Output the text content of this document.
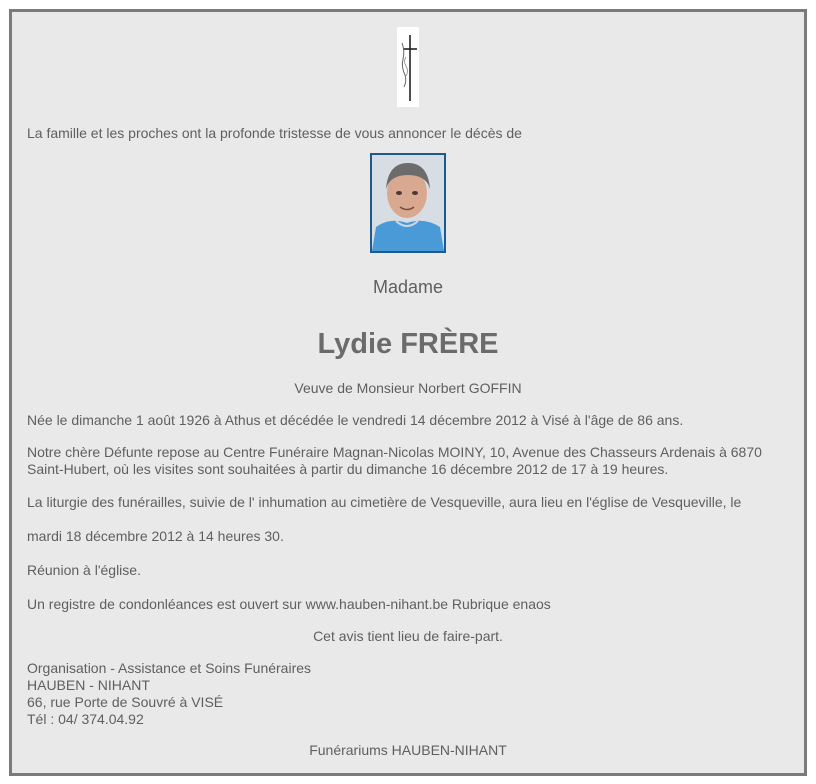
La famille et les proches ont la profonde tristesse de vous annoncer le décès de
Madame
Lydie FRÈRE
Veuve de Monsieur Norbert GOFFIN
Née le dimanche 1 août 1926 à Athus et décédée le vendredi 14 décembre 2012 à Visé à l'âge de 86 ans.
Notre chère Défunte repose au Centre Funéraire Magnan-Nicolas MOINY, 10, Avenue des Chasseurs Ardenais à 6870
Saint-Hubert, où les visites sont souhaitées à partir du dimanche 16 décembre 2012 de 17 à 19 heures.
La liturgie des funérailles, suivie de l' inhumation au cimetière de Vesqueville, aura lieu en l'église de Vesqueville, le
mardi 18 décembre 2012 à 14 heures 30.
Réunion à l'église.
Un registre de condonléances est ouvert sur www.hauben-nihant.be Rubrique enaos
Cet avis tient lieu de faire-part.
Organisation - Assistance et Soins Funéraires
HAUBEN - NIHANT
66, rue Porte de Souvré à VISÉ
Tél : 04/ 374.04.92
Funérariums HAUBEN-NIHANT
